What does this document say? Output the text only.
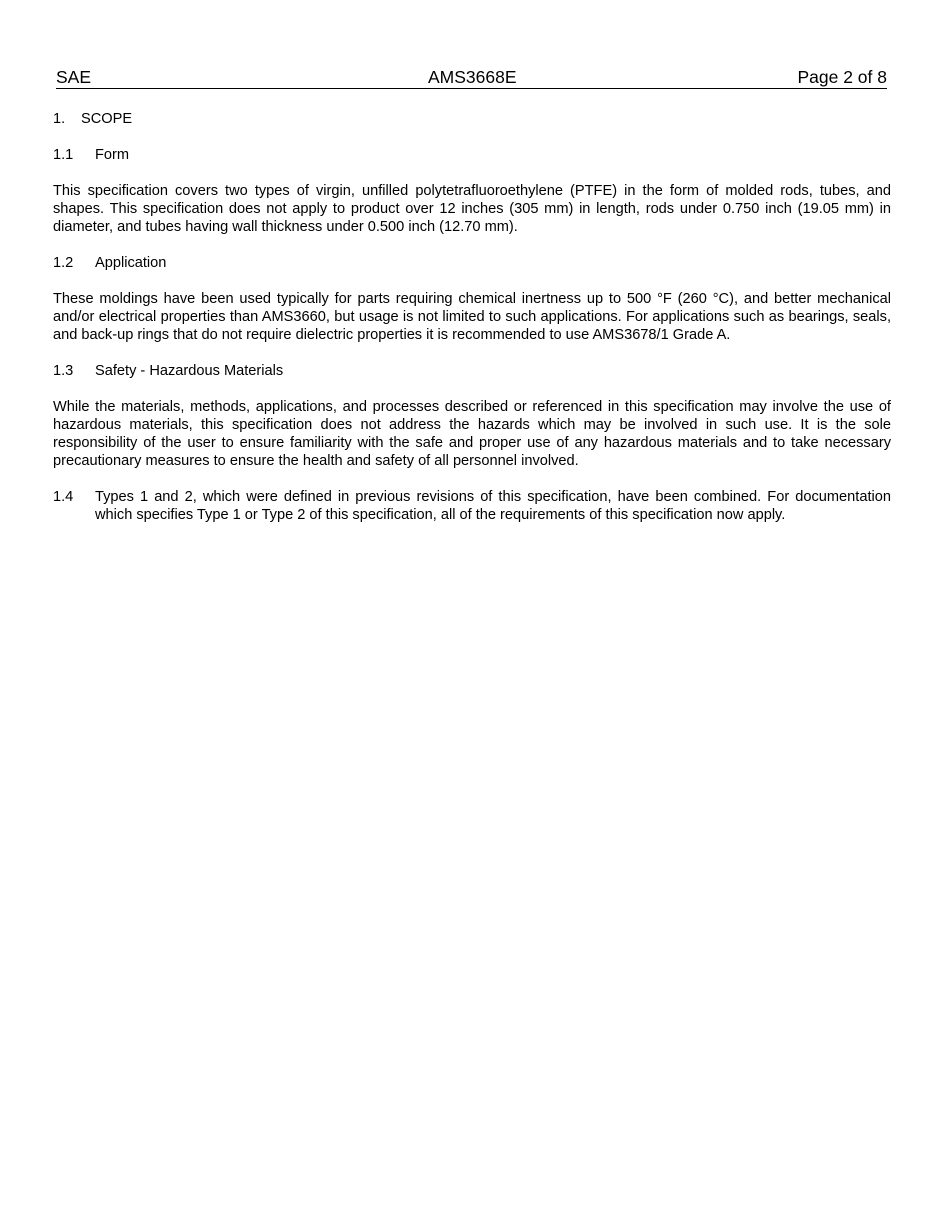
SAE	AMS3668E	Page 2 of 8
1. SCOPE
1.1 Form

This specification covers two types of virgin, unfilled polytetrafluoroethylene (PTFE) in the form of molded rods, tubes, and shapes. This specification does not apply to product over 12 inches (305 mm) in length, rods under 0.750 inch (19.05 mm) in diameter, and tubes having wall thickness under 0.500 inch (12.70 mm).

1.2 Application

These moldings have been used typically for parts requiring chemical inertness up to 500 °F (260 °C), and better mechanical and/or electrical properties than AMS3660, but usage is not limited to such applications. For applications such as bearings, seals, and back-up rings that do not require dielectric properties it is recommended to use AMS3678/1 Grade A.

1.3 Safety - Hazardous Materials

While the materials, methods, applications, and processes described or referenced in this specification may involve the use of hazardous materials, this specification does not address the hazards which may be involved in such use. It is the sole responsibility of the user to ensure familiarity with the safe and proper use of any hazardous materials and to take necessary precautionary measures to ensure the health and safety of all personnel involved.

1.4 Types 1 and 2, which were defined in previous revisions of this specification, have been combined. For documentation which specifies Type 1 or Type 2 of this specification, all of the requirements of this specification now apply.
